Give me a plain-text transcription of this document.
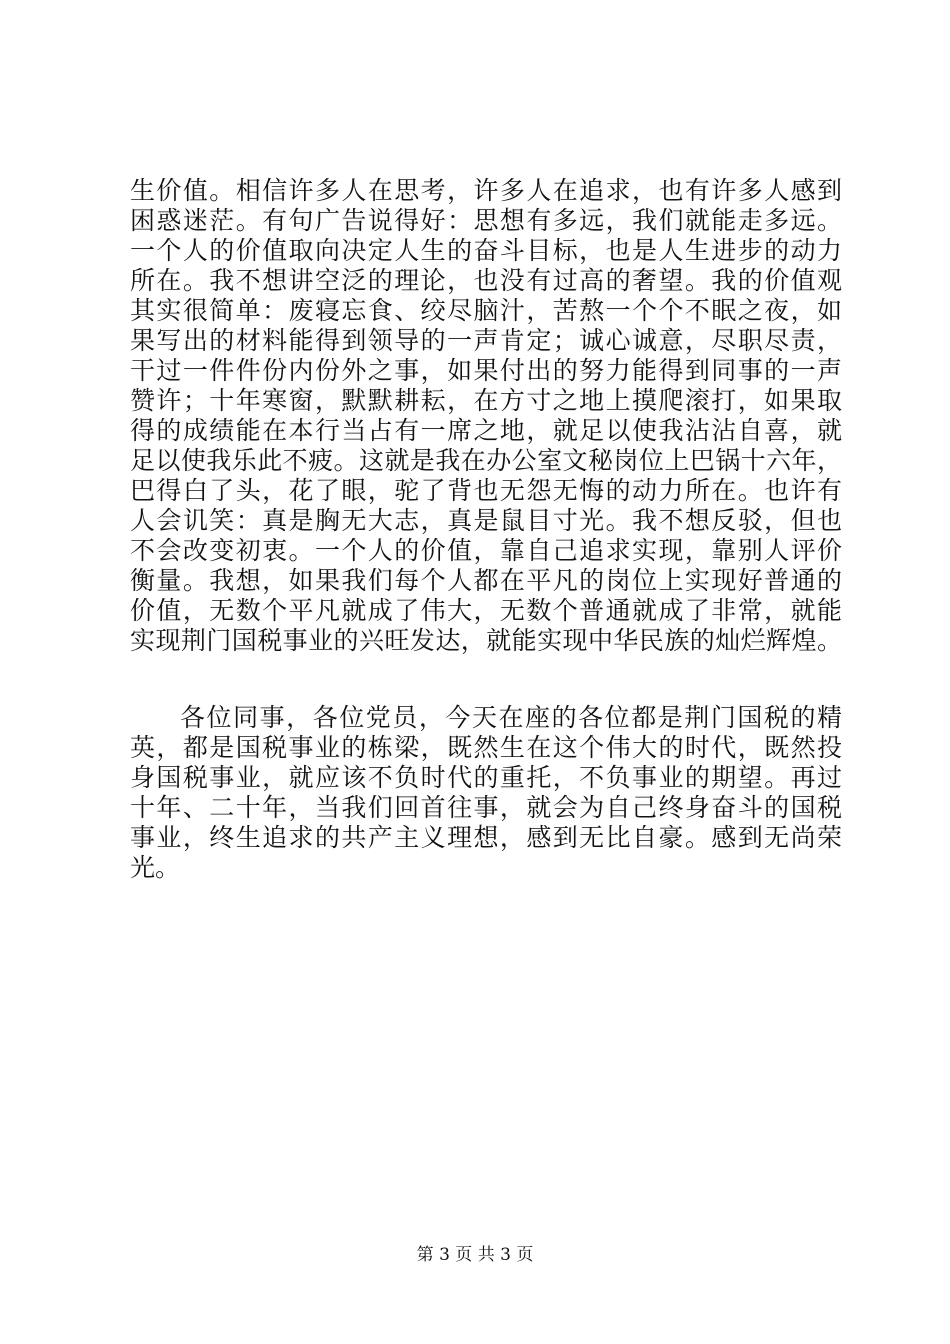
生价值。相信许多人在思考，许多人在追求，也有许多人感到
困惑迷茫。有句广告说得好：思想有多远，我们就能走多远。
一个人的价值取向决定人生的奋斗目标，也是人生进步的动力
所在。我不想讲空泛的理论，也没有过高的奢望。我的价值观
其实很简单：废寝忘食、绞尽脑汁，苦熬一个个不眠之夜，如
果写出的材料能得到领导的一声肯定；诚心诚意，尽职尽责，
干过一件件份内份外之事，如果付出的努力能得到同事的一声
赞许；十年寒窗，默默耕耘，在方寸之地上摸爬滚打，如果取
得的成绩能在本行当占有一席之地，就足以使我沾沾自喜，就
足以使我乐此不疲。这就是我在办公室文秘岗位上巴锅十六年，
巴得白了头，花了眼，驼了背也无怨无悔的动力所在。也许有
人会讥笑：真是胸无大志，真是鼠目寸光。我不想反驳，但也
不会改变初衷。一个人的价值，靠自己追求实现，靠别人评价
衡量。我想，如果我们每个人都在平凡的岗位上实现好普通的
价值，无数个平凡就成了伟大，无数个普通就成了非常，就能
实现荆门国税事业的兴旺发达，就能实现中华民族的灿烂辉煌。
各位同事，各位党员，今天在座的各位都是荆门国税的精
英，都是国税事业的栋梁，既然生在这个伟大的时代，既然投
身国税事业，就应该不负时代的重托，不负事业的期望。再过
十年、二十年，当我们回首往事，就会为自己终身奋斗的国税
事业，终生追求的共产主义理想，感到无比自豪。感到无尚荣
光。
第 3 页 共 3 页
